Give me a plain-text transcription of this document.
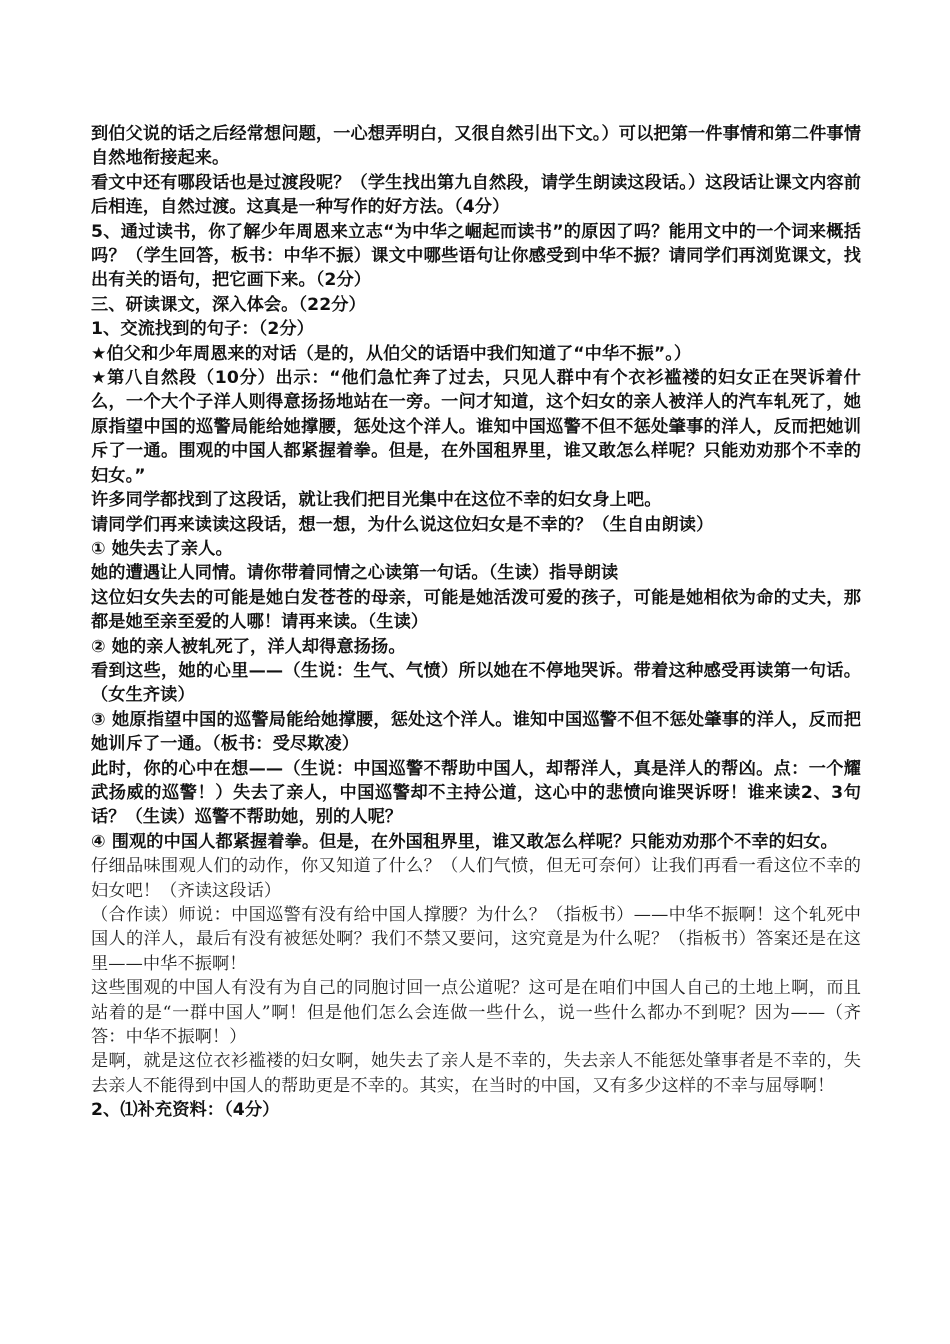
到伯父说的话之后经常想问题，一心想弄明白，又很自然引出下文。）可以把第一件事情和第二件事情自然地衔接起来。

看文中还有哪段话也是过渡段呢？（学生找出第九自然段，请学生朗读这段话。）这段话让课文内容前后相连，自然过渡。这真是一种写作的好方法。（4分）

5、通过读书，你了解少年周恩来立志“为中华之崛起而读书”的原因了吗？能用文中的一个词来概括吗？（学生回答，板书：中华不振）课文中哪些语句让你感受到中华不振？请同学们再浏览课文，找出有关的语句，把它画下来。（2分）

三、研读课文，深入体会。（22分）

1、交流找到的句子：（2分）

★伯父和少年周恩来的对话（是的，从伯父的话语中我们知道了“中华不振”。）

★第八自然段（10分）出示：“他们急忙奔了过去，只见人群中有个衣衫褴褛的妇女正在哭诉着什么，一个大个子洋人则得意扬扬地站在一旁。一问才知道，这个妇女的亲人被洋人的汽车轧死了，她原指望中国的巡警局能给她撑腰，惩处这个洋人。谁知中国巡警不但不惩处肇事的洋人，反而把她训斥了一通。围观的中国人都紧握着拳。但是，在外国租界里，谁又敢怎么样呢？只能劝劝那个不幸的妇女。”

许多同学都找到了这段话，就让我们把目光集中在这位不幸的妇女身上吧。

请同学们再来读读这段话，想一想，为什么说这位妇女是不幸的？（生自由朗读）

① 她失去了亲人。

她的遭遇让人同情。请你带着同情之心读第一句话。（生读）指导朗读

这位妇女失去的可能是她白发苍苍的母亲，可能是她活泼可爱的孩子，可能是她相依为命的丈夫，那都是她至亲至爱的人哪！请再来读。（生读）

② 她的亲人被轧死了，洋人却得意扬扬。

看到这些，她的心里——（生说：生气、气愤）所以她在不停地哭诉。带着这种感受再读第一句话。（女生齐读）

③ 她原指望中国的巡警局能给她撑腰，惩处这个洋人。谁知中国巡警不但不惩处肇事的洋人，反而把她训斥了一通。（板书：受尽欺凌）

此时，你的心中在想——（生说：中国巡警不帮助中国人，却帮洋人，真是洋人的帮凶。点：一个耀武扬威的巡警！）失去了亲人，中国巡警却不主持公道，这心中的悲愤向谁哭诉呀！谁来读2、3句话？（生读）巡警不帮助她，别的人呢？

④ 围观的中国人都紧握着拳。但是，在外国租界里，谁又敢怎么样呢？只能劝劝那个不幸的妇女。

仔细品味围观人们的动作，你又知道了什么？（人们气愤，但无可奈何）让我们再看一看这位不幸的妇女吧！（齐读这段话）

（合作读）师说：中国巡警有没有给中国人撑腰？为什么？（指板书）——中华不振啊！这个轧死中国人的洋人，最后有没有被惩处啊？我们不禁又要问，这究竟是为什么呢？（指板书）答案还是在这里——中华不振啊！

这些围观的中国人有没有为自己的同胞讨回一点公道呢？这可是在咱们中国人自己的土地上啊，而且站着的是“一群中国人”啊！但是他们怎么会连做一些什么，说一些什么都办不到呢？因为——（齐答：中华不振啊！）

是啊，就是这位衣衫褴褛的妇女啊，她失去了亲人是不幸的，失去亲人不能惩处肇事者是不幸的，失去亲人不能得到中国人的帮助更是不幸的。其实，在当时的中国，又有多少这样的不幸与屈辱啊！

2、⑴补充资料：（4分）
